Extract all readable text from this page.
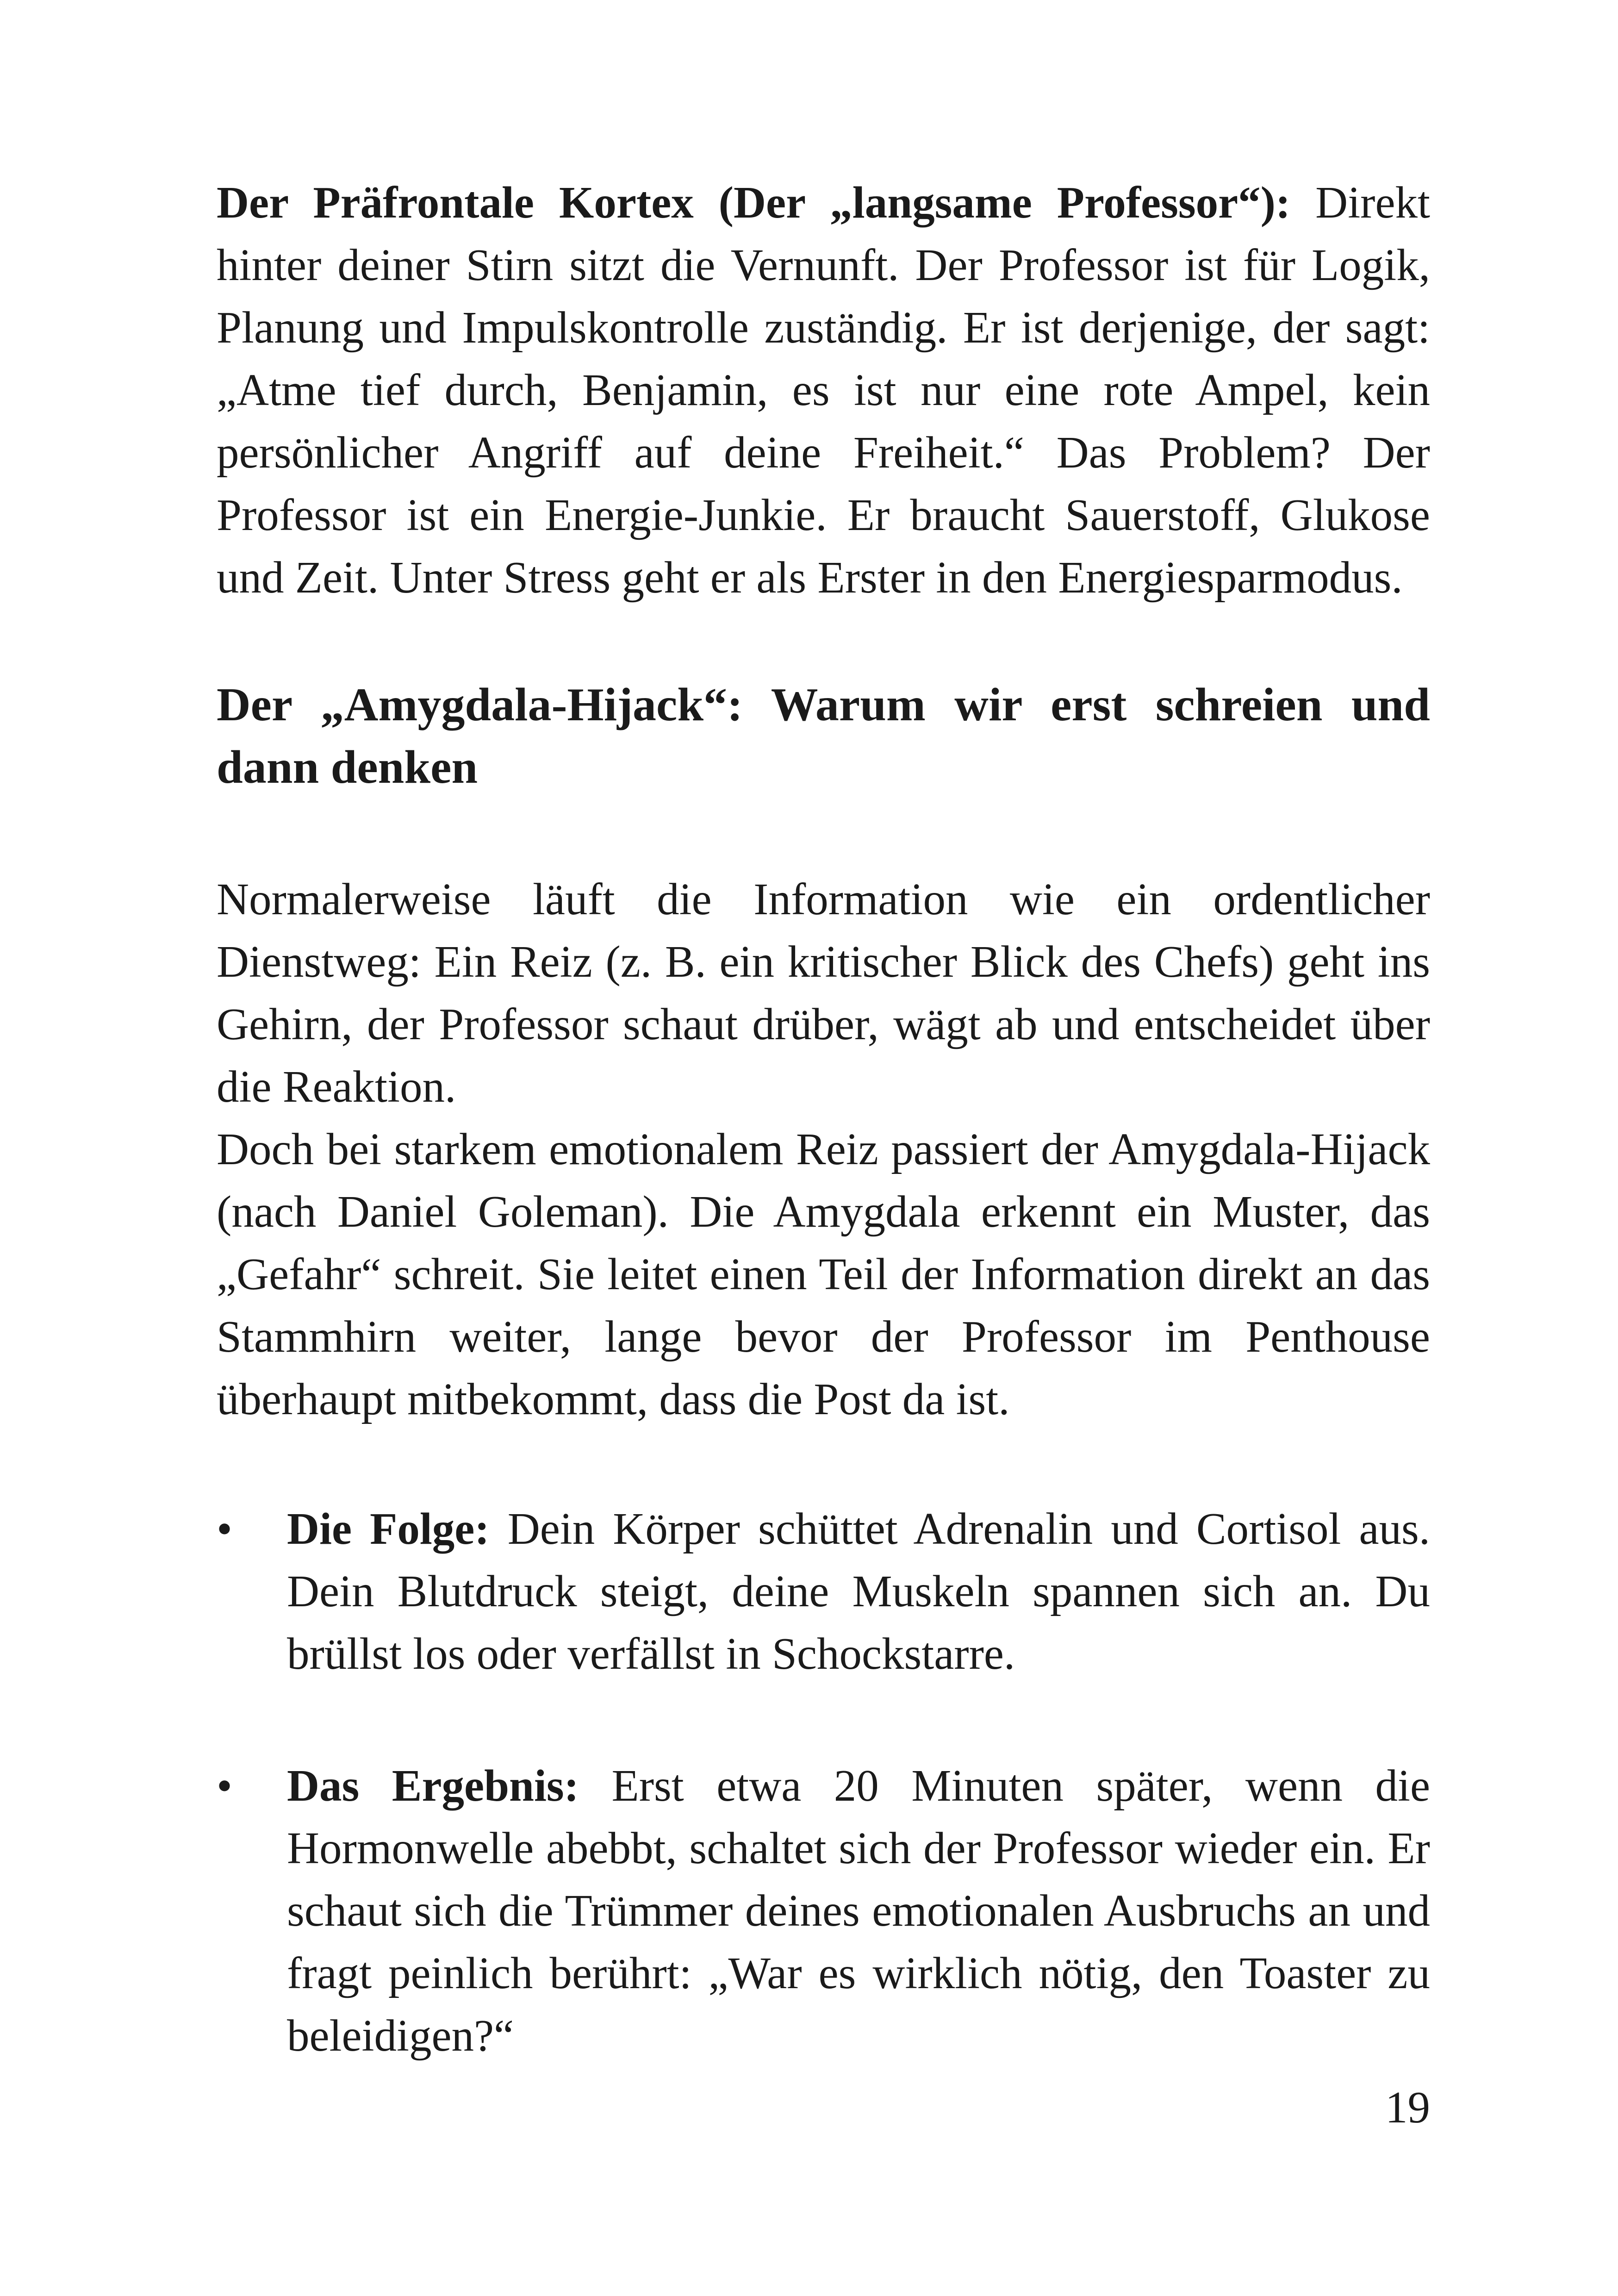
Der Präfrontale Kortex (Der „langsame Professor“): Direkt hinter deiner Stirn sitzt die Vernunft. Der Professor ist für Logik, Planung und Impulskontrolle zuständig. Er ist derjenige, der sagt: „Atme tief durch, Benjamin, es ist nur eine rote Ampel, kein persönlicher Angriff auf deine Freiheit.“ Das Problem? Der Professor ist ein Energie-Junkie. Er braucht Sauerstoff, Glukose und Zeit. Unter Stress geht er als Erster in den Energiesparmodus.

Der „Amygdala-Hijack“: Warum wir erst schreien und dann denken

Normalerweise läuft die Information wie ein ordentlicher Dienstweg: Ein Reiz (z. B. ein kritischer Blick des Chefs) geht ins Gehirn, der Professor schaut drüber, wägt ab und entscheidet über die Reaktion.

Doch bei starkem emotionalem Reiz passiert der Amygdala-Hijack (nach Daniel Goleman). Die Amygdala erkennt ein Muster, das „Gefahr“ schreit. Sie leitet einen Teil der Information direkt an das Stammhirn weiter, lange bevor der Professor im Penthouse überhaupt mitbekommt, dass die Post da ist.

• Die Folge: Dein Körper schüttet Adrenalin und Cortisol aus. Dein Blutdruck steigt, deine Muskeln spannen sich an. Du brüllst los oder verfällst in Schockstarre.

• Das Ergebnis: Erst etwa 20 Minuten später, wenn die Hormonwelle abebbt, schaltet sich der Professor wieder ein. Er schaut sich die Trümmer deines emotionalen Ausbruchs an und fragt peinlich berührt: „War es wirklich nötig, den Toaster zu beleidigen?“

19
